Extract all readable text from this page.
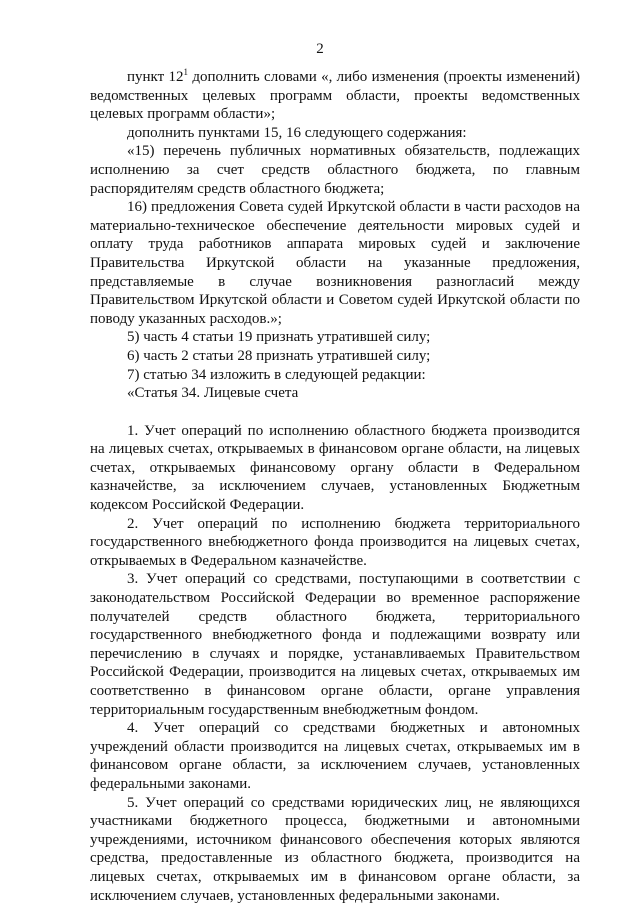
2

пункт $12^1$ дополнить словами «, либо изменения (проекты изменений) ведомственных целевых программ области, проекты ведомственных целевых программ области»;

дополнить пунктами 15, 16 следующего содержания:

«15) перечень публичных нормативных обязательств, подлежащих исполнению за счет средств областного бюджета, по главным распорядителям средств областного бюджета;

16) предложения Совета судей Иркутской области в части расходов на материально-техническое обеспечение деятельности мировых судей и оплату труда работников аппарата мировых судей и заключение Правительства Иркутской области на указанные предложения, представляемые в случае возникновения разногласий между Правительством Иркутской области и Советом судей Иркутской области по поводу указанных расходов.»;

5) часть 4 статьи 19 признать утратившей силу;

6) часть 2 статьи 28 признать утратившей силу;

7) статью 34 изложить в следующей редакции:

«Статья 34. Лицевые счета

1. Учет операций по исполнению областного бюджета производится на лицевых счетах, открываемых в финансовом органе области, на лицевых счетах, открываемых финансовому органу области в Федеральном казначействе, за исключением случаев, установленных Бюджетным кодексом Российской Федерации.

2. Учет операций по исполнению бюджета территориального государственного внебюджетного фонда производится на лицевых счетах, открываемых в Федеральном казначействе.

3. Учет операций со средствами, поступающими в соответствии с законодательством Российской Федерации во временное распоряжение получателей средств областного бюджета, территориального государственного внебюджетного фонда и подлежащими возврату или перечислению в случаях и порядке, устанавливаемых Правительством Российской Федерации, производится на лицевых счетах, открываемых им соответственно в финансовом органе области, органе управления территориальным государственным внебюджетным фондом.

4. Учет операций со средствами бюджетных и автономных учреждений области производится на лицевых счетах, открываемых им в финансовом органе области, за исключением случаев, установленных федеральными законами.

5. Учет операций со средствами юридических лиц, не являющихся участниками бюджетного процесса, бюджетными и автономными учреждениями, источником финансового обеспечения которых являются средства, предоставленные из областного бюджета, производится на лицевых счетах, открываемых им в финансовом органе области, за исключением случаев, установленных федеральными законами.
